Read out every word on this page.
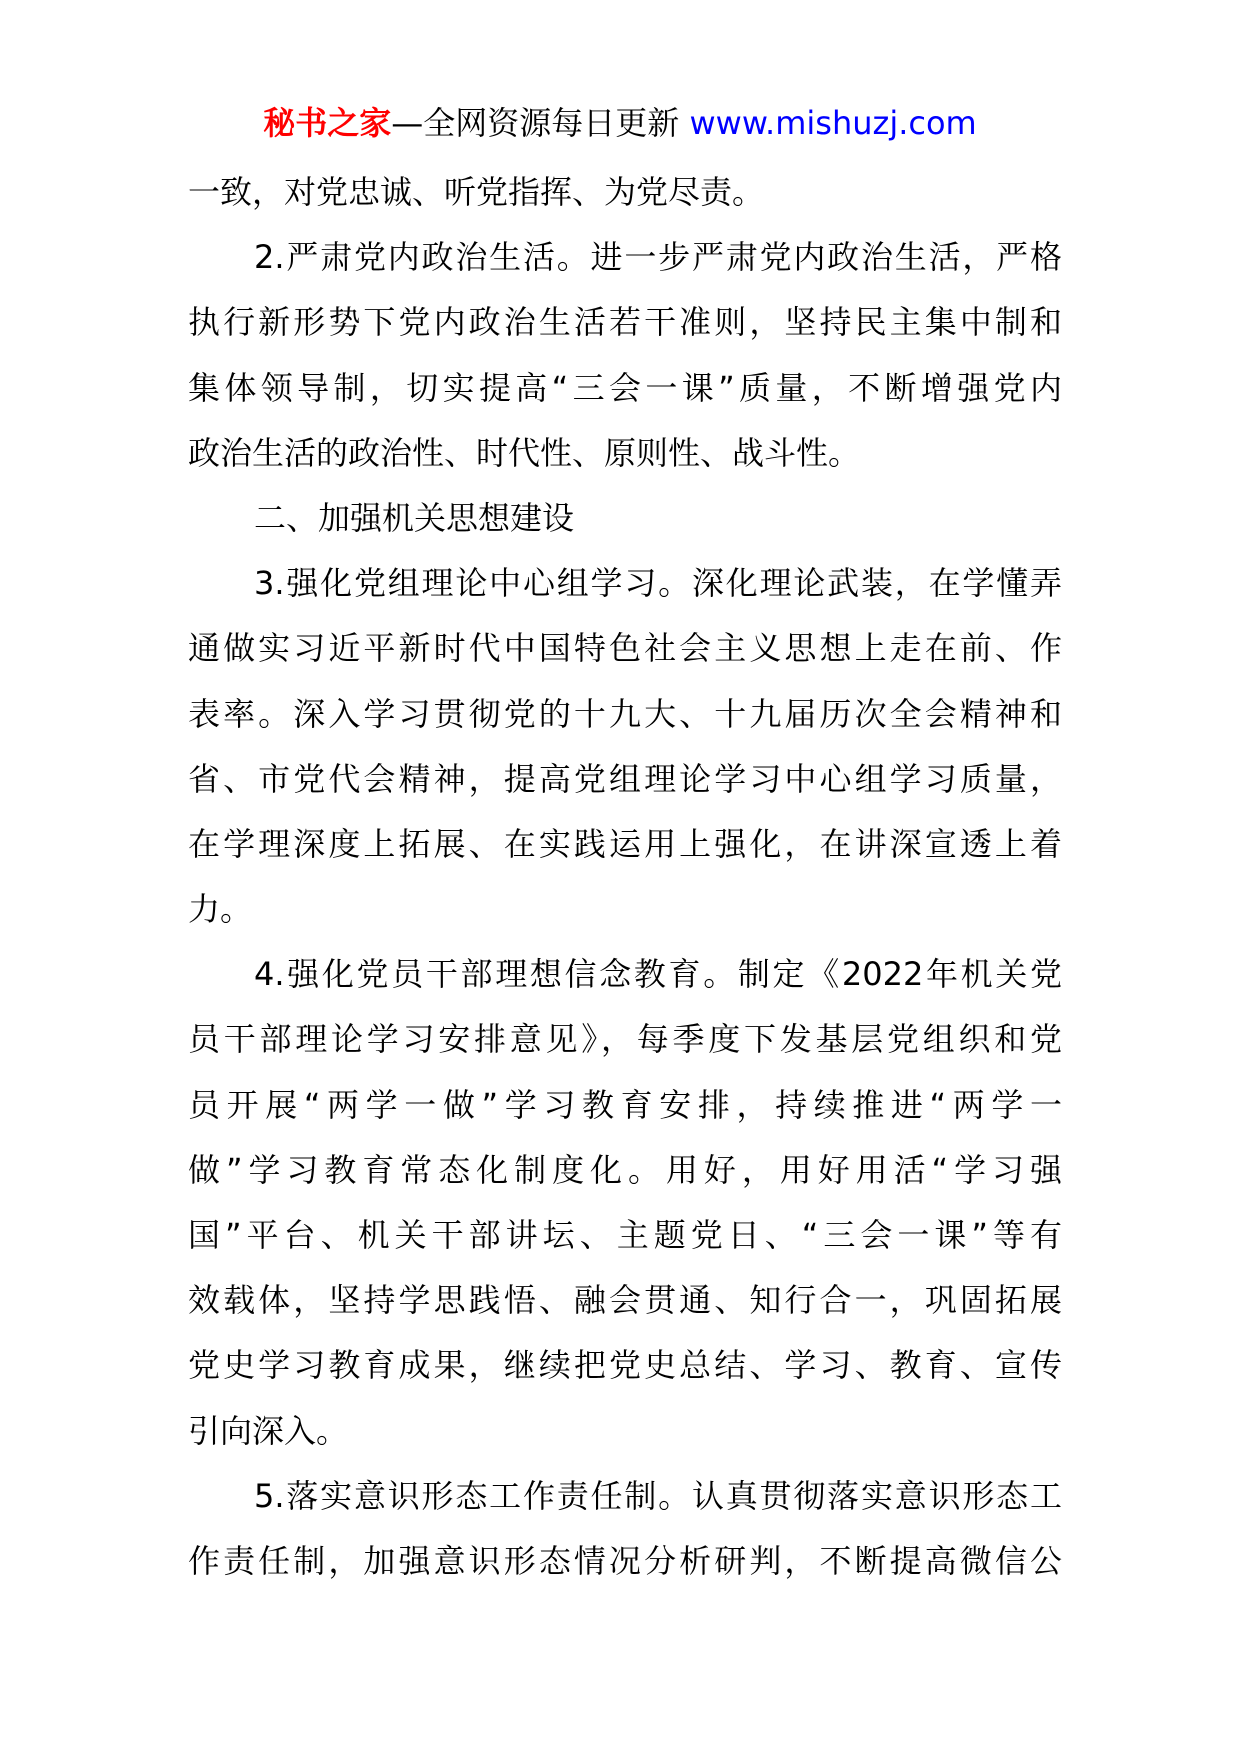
秘书之家—全网资源每日更新 www.mishuzj.com
一致，对党忠诚、听党指挥、为党尽责。
2.严肃党内政治生活。进一步严肃党内政治生活，严格
执行新形势下党内政治生活若干准则，坚持民主集中制和
集体领导制，切实提高“三会一课”质量，不断增强党内
政治生活的政治性、时代性、原则性、战斗性。
二、加强机关思想建设
3.强化党组理论中心组学习。深化理论武装，在学懂弄
通做实习近平新时代中国特色社会主义思想上走在前、作
表率。深入学习贯彻党的十九大、十九届历次全会精神和
省、市党代会精神，提高党组理论学习中心组学习质量，
在学理深度上拓展、在实践运用上强化，在讲深宣透上着
力。
4.强化党员干部理想信念教育。制定《2022年机关党
员干部理论学习安排意见》，每季度下发基层党组织和党
员开展“两学一做”学习教育安排，持续推进“两学一
做”学习教育常态化制度化。用好，用好用活“学习强
国”平台、机关干部讲坛、主题党日、“三会一课”等有
效载体，坚持学思践悟、融会贯通、知行合一，巩固拓展
党史学习教育成果，继续把党史总结、学习、教育、宣传
引向深入。
5.落实意识形态工作责任制。认真贯彻落实意识形态工
作责任制，加强意识形态情况分析研判，不断提高微信公
